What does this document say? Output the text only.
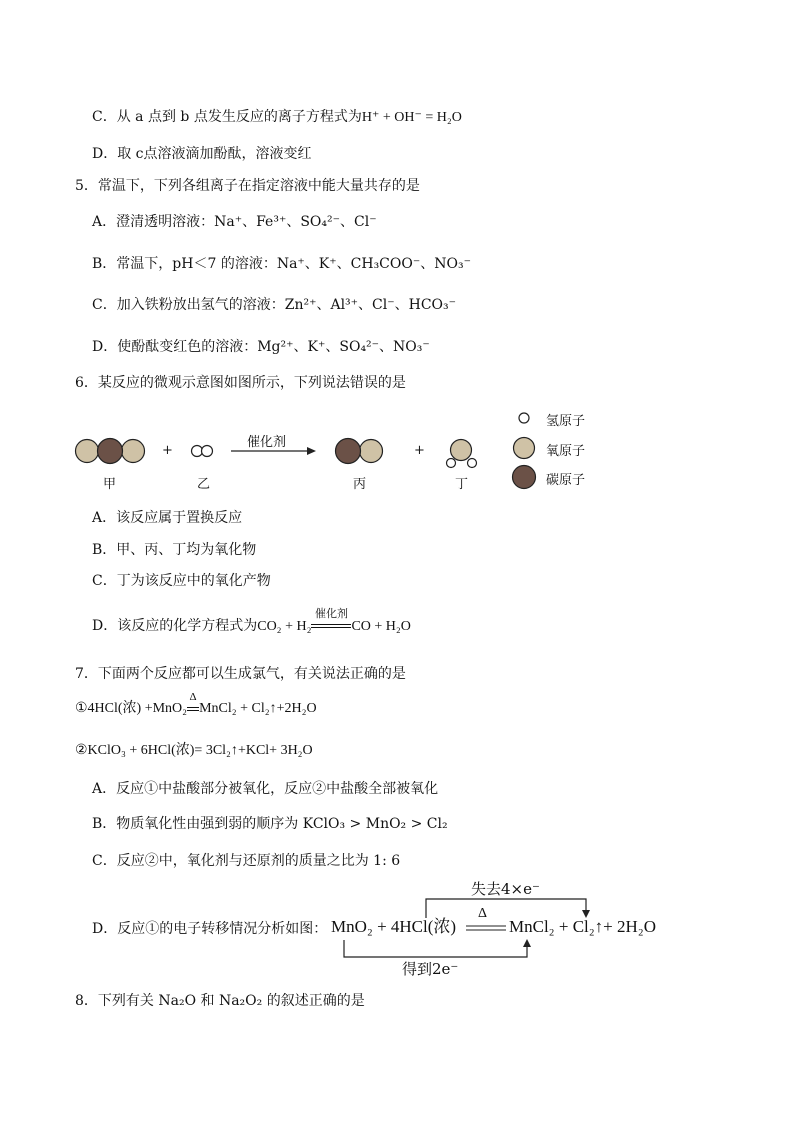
C．从 a 点到 b 点发生反应的离子方程式为H⁺ + OH⁻ = H₂O
D．取 c点溶液滴加酚酞，溶液变红
5．常温下，下列各组离子在指定溶液中能大量共存的是
A．澄清透明溶液：Na⁺、Fe³⁺、SO₄²⁻、Cl⁻
B．常温下，pH＜7 的溶液：Na⁺、K⁺、CH₃COO⁻、NO₃⁻
C．加入铁粉放出氢气的溶液：Zn²⁺、Al³⁺、Cl⁻、HCO₃⁻
D．使酚酞变红色的溶液：Mg²⁺、K⁺、SO₄²⁻、NO₃⁻
6．某反应的微观示意图如图所示，下列说法错误的是
催化剂
+	+
甲	乙	丙	丁
氢原子
氧原子
碳原子
A．该反应属于置换反应
B．甲、丙、丁均为氧化物
C．丁为该反应中的氧化产物
D．该反应的化学方程式为CO₂ + H₂
催化剂
CO + H₂O
7．下面两个反应都可以生成氯气，有关说法正确的是
①4HCl(浓) +MnO₂
Δ
MnCl₂ + Cl₂↑+2H₂O
②KClO₃ + 6HCl(浓)= 3Cl₂↑+KCl+ 3H₂O
A．反应①中盐酸部分被氧化，反应②中盐酸全部被氧化
B．物质氧化性由强到弱的顺序为 KClO₃ > MnO₂ > Cl₂
C．反应②中，氧化剂与还原剂的质量之比为 1: 6
失去4×e⁻
D．反应①的电子转移情况分析如图： MnO₂ + 4HCl(浓)
Δ
MnCl₂ + Cl₂↑+ 2H₂O
得到2e⁻
8．下列有关 Na₂O 和 Na₂O₂ 的叙述正确的是
